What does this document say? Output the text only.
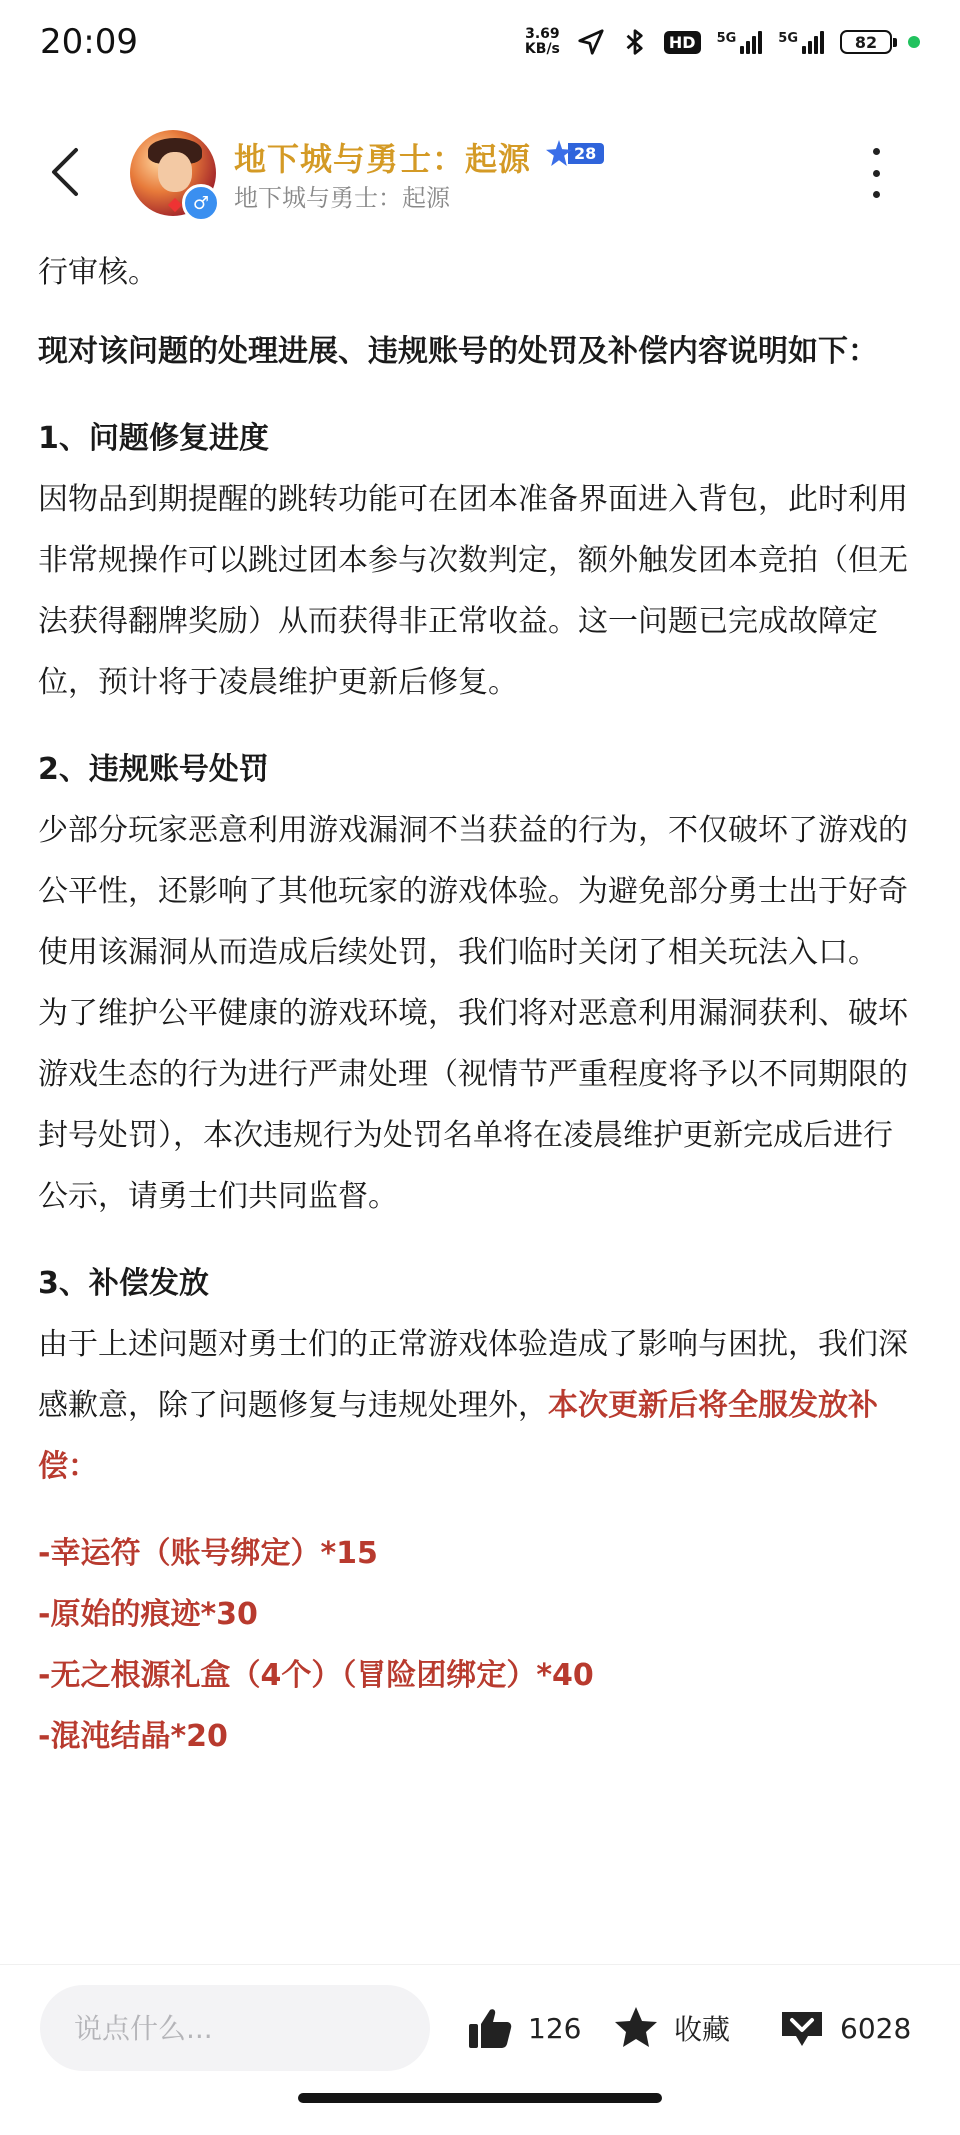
20:09	3.69
KB/s	HD	5G	5G	82
♂
地下城与勇士：起源	28
地下城与勇士：起源

行审核。

现对该问题的处理进展、违规账号的处罚及补偿内容说明如下：

1、问题修复进度

因物品到期提醒的跳转功能可在团本准备界面进入背包，此时利用非常规操作可以跳过团本参与次数判定，额外触发团本竞拍（但无法获得翻牌奖励）从而获得非正常收益。这一问题已完成故障定位，预计将于凌晨维护更新后修复。

2、违规账号处罚

少部分玩家恶意利用游戏漏洞不当获益的行为，不仅破坏了游戏的公平性，还影响了其他玩家的游戏体验。为避免部分勇士出于好奇使用该漏洞从而造成后续处罚，我们临时关闭了相关玩法入口。

为了维护公平健康的游戏环境，我们将对恶意利用漏洞获利、破坏游戏生态的行为进行严肃处理（视情节严重程度将予以不同期限的封号处罚），本次违规行为处罚名单将在凌晨维护更新完成后进行公示，请勇士们共同监督。

3、补偿发放

由于上述问题对勇士们的正常游戏体验造成了影响与困扰，我们深感歉意，除了问题修复与违规处理外，本次更新后将全服发放补偿：

-幸运符（账号绑定）*15

-原始的痕迹*30

-无之根源礼盒（4个）（冒险团绑定）*40

-混沌结晶*20

说点什么...
126	收藏	6028
